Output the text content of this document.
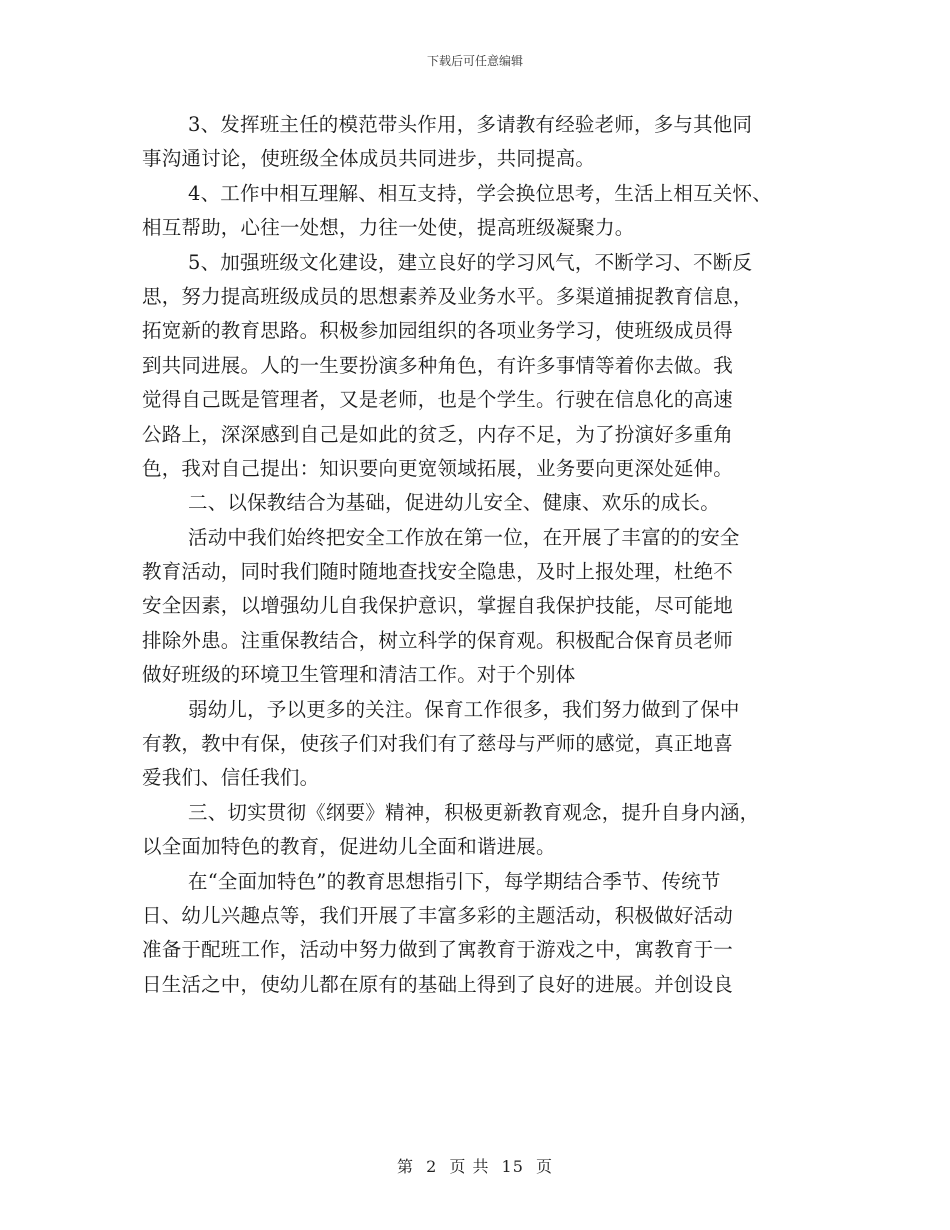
下载后可任意编辑
3、发挥班主任的模范带头作用，多请教有经验老师，多与其他同
事沟通讨论，使班级全体成员共同进步，共同提高。
4、工作中相互理解、相互支持，学会换位思考，生活上相互关怀、
相互帮助，心往一处想，力往一处使，提高班级凝聚力。
5、加强班级文化建设，建立良好的学习风气，不断学习、不断反
思，努力提高班级成员的思想素养及业务水平。多渠道捕捉教育信息，
拓宽新的教育思路。积极参加园组织的各项业务学习，使班级成员得
到共同进展。人的一生要扮演多种角色，有许多事情等着你去做。我
觉得自己既是管理者，又是老师，也是个学生。行驶在信息化的高速
公路上，深深感到自己是如此的贫乏，内存不足，为了扮演好多重角
色，我对自己提出：知识要向更宽领域拓展，业务要向更深处延伸。
二、以保教结合为基础，促进幼儿安全、健康、欢乐的成长。
活动中我们始终把安全工作放在第一位，在开展了丰富的的安全
教育活动，同时我们随时随地查找安全隐患，及时上报处理，杜绝不
安全因素，以增强幼儿自我保护意识，掌握自我保护技能，尽可能地
排除外患。注重保教结合，树立科学的保育观。积极配合保育员老师
做好班级的环境卫生管理和清洁工作。对于个别体
弱幼儿，予以更多的关注。保育工作很多，我们努力做到了保中
有教，教中有保，使孩子们对我们有了慈母与严师的感觉，真正地喜
爱我们、信任我们。
三、切实贯彻《纲要》精神，积极更新教育观念，提升自身内涵，
以全面加特色的教育，促进幼儿全面和谐进展。
在“全面加特色”的教育思想指引下，每学期结合季节、传统节
日、幼儿兴趣点等，我们开展了丰富多彩的主题活动，积极做好活动
准备于配班工作，活动中努力做到了寓教育于游戏之中，寓教育于一
日生活之中，使幼儿都在原有的基础上得到了良好的进展。并创设良
第 2 页 共 15 页
